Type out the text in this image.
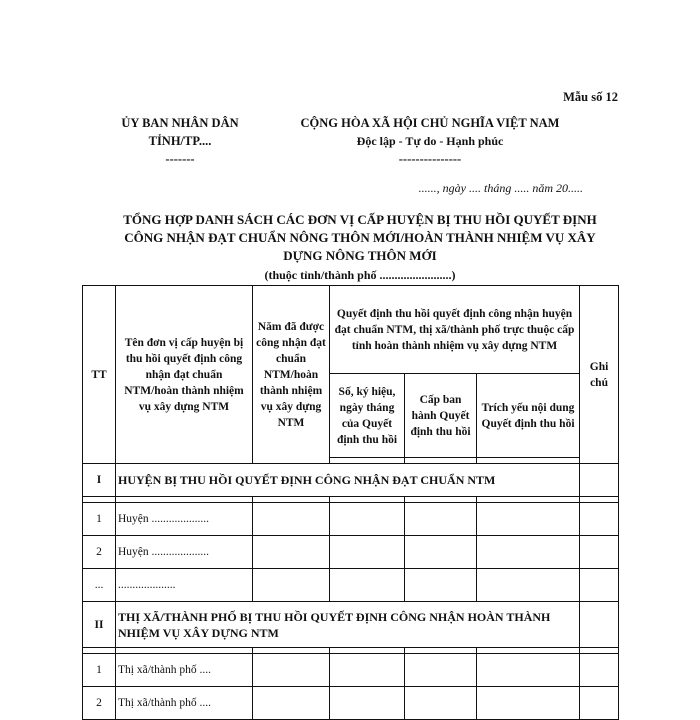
Mẫu số 12
ỦY BAN NHÂN DÂN
TỈNH/TP....
-------
CỘNG HÒA XÃ HỘI CHỦ NGHĨA VIỆT NAM
Độc lập - Tự do - Hạnh phúc
---------------
......, ngày .... tháng ..... năm 20.....
TỔNG HỢP DANH SÁCH CÁC ĐƠN VỊ CẤP HUYỆN BỊ THU HỒI QUYẾT ĐỊNH
CÔNG NHẬN ĐẠT CHUẨN NÔNG THÔN MỚI/HOÀN THÀNH NHIỆM VỤ XÂY
DỰNG NÔNG THÔN MỚI
(thuộc tỉnh/thành phố ........................)
TT	Tên đơn vị cấp huyện bị thu hồi quyết định công nhận đạt chuẩn NTM/hoàn thành nhiệm vụ xây dựng NTM	Năm đã được công nhận đạt chuẩn NTM/hoàn thành nhiệm vụ xây dựng NTM	Quyết định thu hồi quyết định công nhận huyện đạt chuẩn NTM, thị xã/thành phố trực thuộc cấp tỉnh hoàn thành nhiệm vụ xây dựng NTM			Ghi chú
			Số, ký hiệu, ngày tháng của Quyết định thu hồi	Cấp ban hành Quyết định thu hồi	Trích yếu nội dung Quyết định thu hồi	

I	HUYỆN BỊ THU HỒI QUYẾT ĐỊNH CÔNG NHẬN ĐẠT CHUẨN NTM					

1	Huyện ....................					
2	Huyện ....................					
...	....................					
II	THỊ XÃ/THÀNH PHỐ BỊ THU HỒI QUYẾT ĐỊNH CÔNG NHẬN HOÀN THÀNH NHIỆM VỤ XÂY DỰNG NTM					

1	Thị xã/thành phố ....					
2	Thị xã/thành phố ....					
